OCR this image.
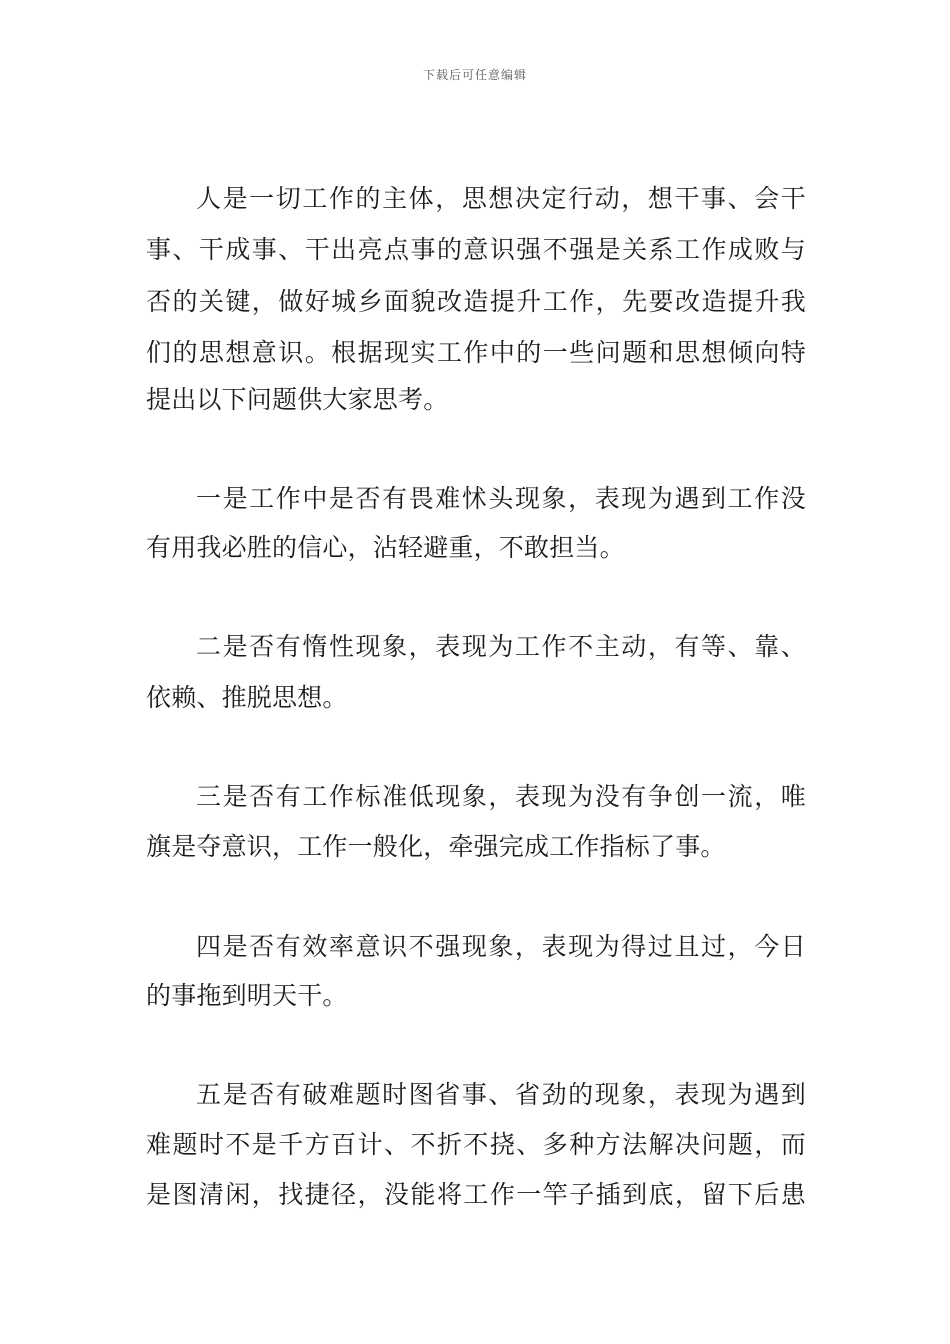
下载后可任意编辑
人是一切工作的主体，思想决定行动，想干事、会干
事、干成事、干出亮点事的意识强不强是关系工作成败与
否的关键，做好城乡面貌改造提升工作，先要改造提升我
们的思想意识。根据现实工作中的一些问题和思想倾向特
提出以下问题供大家思考。
一是工作中是否有畏难怵头现象，表现为遇到工作没
有用我必胜的信心，沾轻避重，不敢担当。
二是否有惰性现象，表现为工作不主动，有等、靠、
依赖、推脱思想。
三是否有工作标准低现象，表现为没有争创一流，唯
旗是夺意识，工作一般化，牵强完成工作指标了事。
四是否有效率意识不强现象，表现为得过且过，今日
的事拖到明天干。
五是否有破难题时图省事、省劲的现象，表现为遇到
难题时不是千方百计、不折不挠、多种方法解决问题，而
是图清闲，找捷径，没能将工作一竿子插到底，留下后患
